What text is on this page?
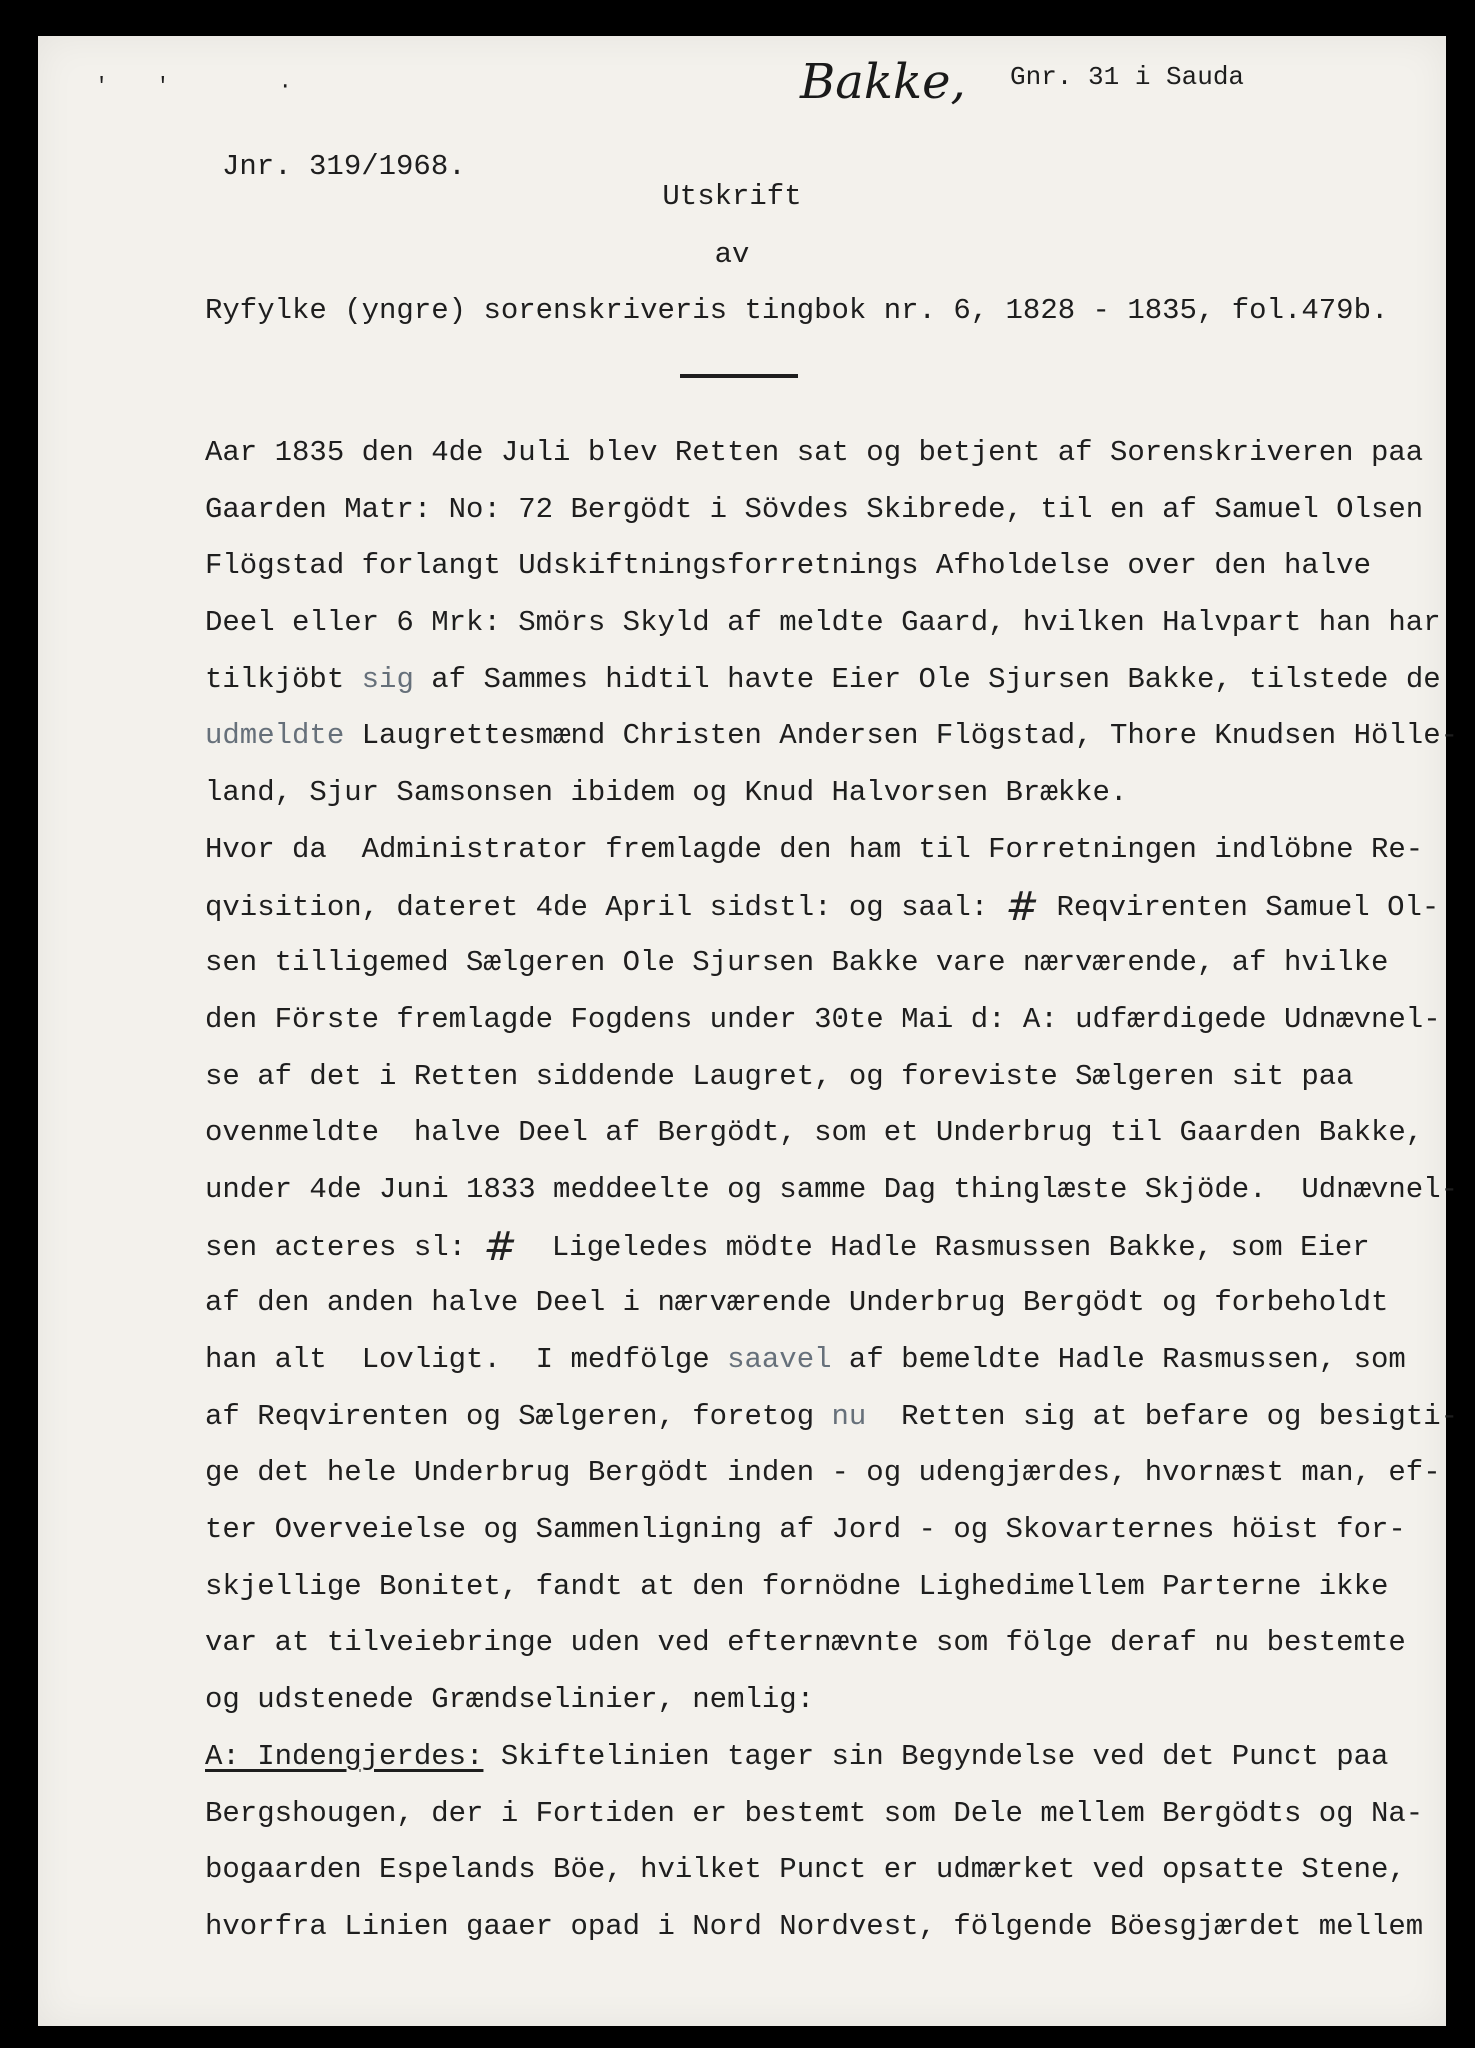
'' ·	Bakke, Gnr. 31 i Sauda
Jnr. 319/1968.
Utskrift
av
Ryfylke (yngre) sorenskriveris tingbok nr. 6, 1828 - 1835, fol.479b.
Aar 1835 den 4de Juli blev Retten sat og betjent af Sorenskriveren paa
Gaarden Matr: No: 72 Bergödt i Sövdes Skibrede, til en af Samuel Olsen
Flögstad forlangt Udskiftningsforretnings Afholdelse over den halve
Deel eller 6 Mrk: Smörs Skyld af meldte Gaard, hvilken Halvpart han har
tilkjöbt sig af Sammes hidtil havte Eier Ole Sjursen Bakke, tilstede de
udmeldte Laugrettesmænd Christen Andersen Flögstad, Thore Knudsen Hölle-
land, Sjur Samsonsen ibidem og Knud Halvorsen Brække.
Hvor da  Administrator fremlagde den ham til Forretningen indlöbne Re-
qvisition, dateret 4de April sidstl: og saal: # Reqvirenten Samuel Ol-
sen tilligemed Sælgeren Ole Sjursen Bakke vare nærværende, af hvilke
den Förste fremlagde Fogdens under 30te Mai d: A: udfærdigede Udnævnel-
se af det i Retten siddende Laugret, og foreviste Sælgeren sit paa
ovenmeldte  halve Deel af Bergödt, som et Underbrug til Gaarden Bakke,
under 4de Juni 1833 meddeelte og samme Dag thinglæste Skjöde.  Udnævnel-
sen acteres sl: #  Ligeledes mödte Hadle Rasmussen Bakke, som Eier
af den anden halve Deel i nærværende Underbrug Bergödt og forbeholdt
han alt  Lovligt.  I medfölge saavel af bemeldte Hadle Rasmussen, som
af Reqvirenten og Sælgeren, foretog nu  Retten sig at befare og besigti-
ge det hele Underbrug Bergödt inden - og udengjærdes, hvornæst man, ef-
ter Overveielse og Sammenligning af Jord - og Skovarternes höist for-
skjellige Bonitet, fandt at den fornödne Lighedimellem Parterne ikke
var at tilveiebringe uden ved efternævnte som fölge deraf nu bestemte
og udstenede Grændselinier, nemlig:
A: Indengjerdes: Skiftelinien tager sin Begyndelse ved det Punct paa
Bergshougen, der i Fortiden er bestemt som Dele mellem Bergödts og Na-
bogaarden Espelands Böe, hvilket Punct er udmærket ved opsatte Stene,
hvorfra Linien gaaer opad i Nord Nordvest, fölgende Böesgjærdet mellem
